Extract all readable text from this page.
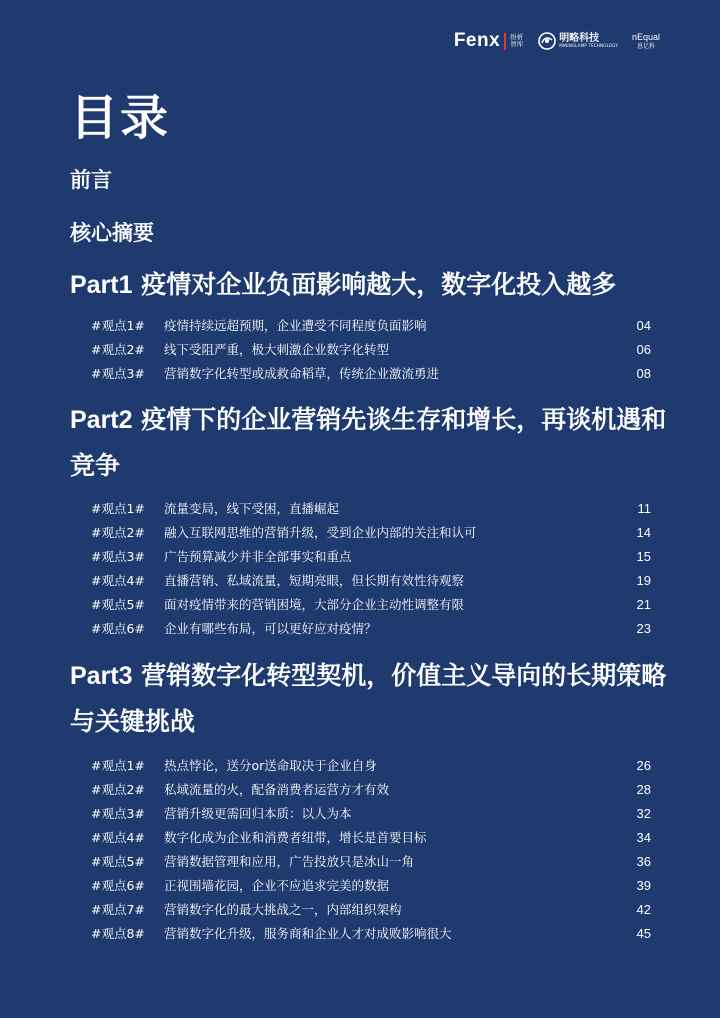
Fenx 纷析智库	明略科技
MININGLAMP TECHNOLOGY
nEqual
恩亿科
目录
前言
核心摘要
Part1 疫情对企业负面影响越大，数字化投入越多
#观点1# 疫情持续远超预期，企业遭受不同程度负面影响	04
#观点2# 线下受阻严重，极大刺激企业数字化转型	06
#观点3# 营销数字化转型或成救命稻草，传统企业激流勇进	08
Part2 疫情下的企业营销先谈生存和增长，再谈机遇和竞争
#观点1# 流量变局，线下受困，直播崛起	11
#观点2# 融入互联网思维的营销升级，受到企业内部的关注和认可	14
#观点3# 广告预算减少并非全部事实和重点	15
#观点4# 直播营销、私域流量，短期亮眼，但长期有效性待观察	19
#观点5# 面对疫情带来的营销困境，大部分企业主动性调整有限	21
#观点6# 企业有哪些布局，可以更好应对疫情？	23
Part3 营销数字化转型契机，价值主义导向的长期策略与关键挑战
#观点1# 热点悖论，送分or送命取决于企业自身	26
#观点2# 私域流量的火，配备消费者运营方才有效	28
#观点3# 营销升级更需回归本质：以人为本	32
#观点4# 数字化成为企业和消费者纽带，增长是首要目标	34
#观点5# 营销数据管理和应用，广告投放只是冰山一角	36
#观点6# 正视围墙花园，企业不应追求完美的数据	39
#观点7# 营销数字化的最大挑战之一，内部组织架构	42
#观点8# 营销数字化升级，服务商和企业人才对成败影响很大	45
